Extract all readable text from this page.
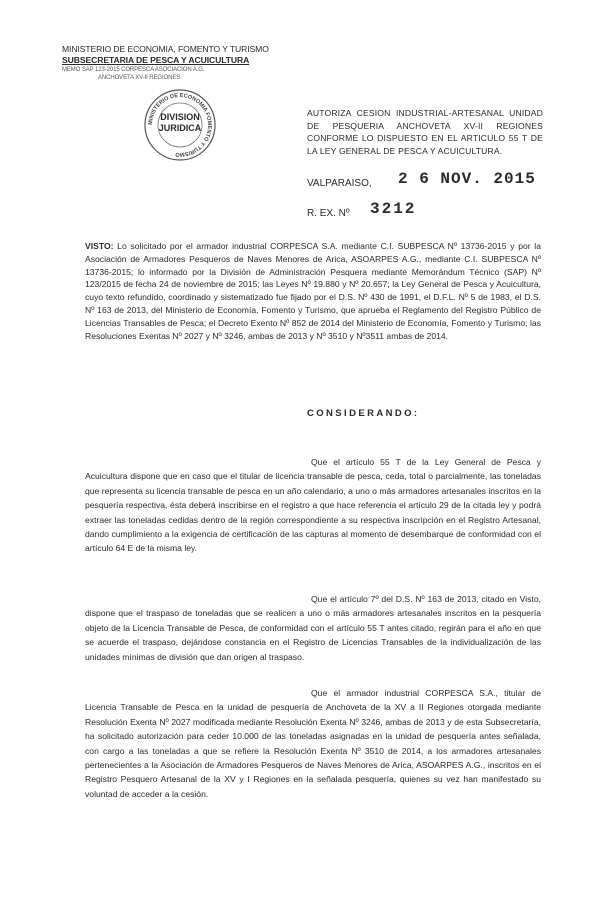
MINISTERIO DE ECONOMIA, FOMENTO Y TURISMO
SUBSECRETARIA DE PESCA Y ACUICULTURA
MEMO SAP 123-2015 CORPESCA ASOCIACION A.G.
ANCHOVETA XV-II REGIONES
MINISTERIO DE ECONOMIA FOMENTO Y TURISMO
DIVISION
JURIDICA
AUTORIZA CESION INDUSTRIAL-ARTESANAL UNIDAD DE PESQUERIA ANCHOVETA XV-II REGIONES CONFORME LO DISPUESTO EN EL ARTICULO 55 T DE LA LEY GENERAL DE PESCA Y ACUICULTURA.
VALPARAISO, 2 6 NOV. 2015
R. EX. Nº 3212
VISTO: Lo solicitado por el armador industrial CORPESCA S.A. mediante C.I. SUBPESCA Nº 13736-2015 y por la Asociación de Armadores Pesqueros de Naves Menores de Arica, ASOARPES A.G., mediante C.I. SUBPESCA Nº 13736-2015; lo informado por la División de Administración Pesquera mediante Memorándum Técnico (SAP) Nº 123/2015 de fecha 24 de noviembre de 2015; las Leyes Nº 19.880 y Nº 20.657; la Ley General de Pesca y Acuicultura, cuyo texto refundido, coordinado y sistematizado fue fijado por el D.S. Nº 430 de 1991, el D.F.L. Nº 5 de 1983, el D.S. Nº 163 de 2013, del Ministerio de Economía, Fomento y Turismo, que aprueba el Reglamento del Registro Público de Licencias Transables de Pesca; el Decreto Exento Nº 852 de 2014 del Ministerio de Economía, Fomento y Turismo; las Resoluciones Exentas Nº 2027 y Nº 3246, ambas de 2013 y Nº 3510 y Nº3511 ambas de 2014.
CONSIDERANDO:
Que el artículo 55 T de la Ley General de Pesca y Acuicultura dispone que en caso que el titular de licencia transable de pesca, ceda, total o parcialmente, las toneladas que representa su licencia transable de pesca en un año calendario, a uno o más armadores artesanales inscritos en la pesquería respectiva, ésta deberá inscribirse en el registro a que hace referencia el artículo 29 de la citada ley y podrá extraer las toneladas cedidas dentro de la región correspondiente a su respectiva inscripción en el Registro Artesanal, dando cumplimiento a la exigencia de certificación de las capturas al momento de desembarque de conformidad con el artículo 64 E de la misma ley.
Que el artículo 7º del D.S. Nº 163 de 2013, citado en Visto, dispone que el traspaso de toneladas que se realicen a uno o más armadores artesanales inscritos en la pesquería objeto de la Licencia Transable de Pesca, de conformidad con el artículo 55 T antes citado, regirán para el año en que se acuerde el traspaso, dejándose constancia en el Registro de Licencias Transables de la individualización de las unidades mínimas de división que dan origen al traspaso.
Que el armador industrial CORPESCA S.A., titular de Licencia Transable de Pesca en la unidad de pesquería de Anchoveta de la XV a II Regiones otorgada mediante Resolución Exenta Nº 2027 modificada mediante Resolución Exenta Nº 3246, ambas de 2013 y de esta Subsecretaría, ha solicitado autorización para ceder 10.000 de las toneladas asignadas en la unidad de pesquería antes señalada, con cargo a las toneladas a que se refiere la Resolución Exenta Nº 3510 de 2014, a los armadores artesanales pertenecientes a la Asociación de Armadores Pesqueros de Naves Menores de Arica, ASOARPES A.G., inscritos en el Registro Pesquero Artesanal de la XV y I Regiones en la señalada pesquería, quienes su vez han manifestado su voluntad de acceder a la cesión.
